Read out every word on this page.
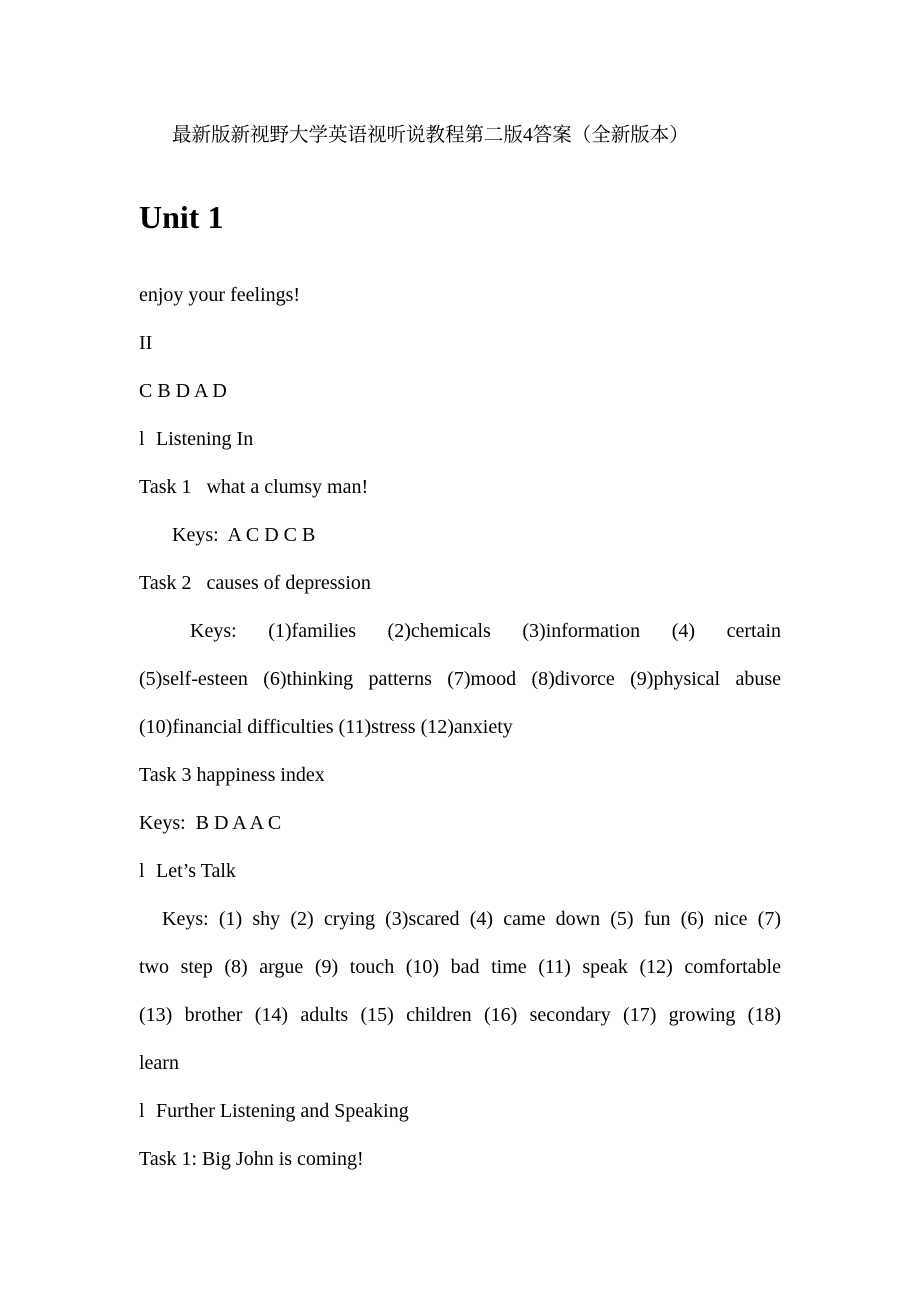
最新版新视野大学英语视听说教程第二版4答案（全新版本）
Unit 1
enjoy your feelings!
II
C B D A D
l Listening In
Task 1   what a clumsy man!
Keys:  A C D C B
Task 2   causes of depression
Keys: (1)families (2)chemicals (3)information (4) certain
(5)self-esteen (6)thinking patterns (7)mood (8)divorce (9)physical abuse
(10)financial difficulties (11)stress (12)anxiety
Task 3 happiness index
Keys:  B D A A C
l Let’s Talk
Keys: (1) shy (2) crying (3)scared (4) came down (5) fun (6) nice (7)
two step (8) argue (9) touch (10) bad time (11) speak (12) comfortable
(13) brother (14) adults (15) children (16) secondary (17) growing (18)
learn
l Further Listening and Speaking
Task 1: Big John is coming!
